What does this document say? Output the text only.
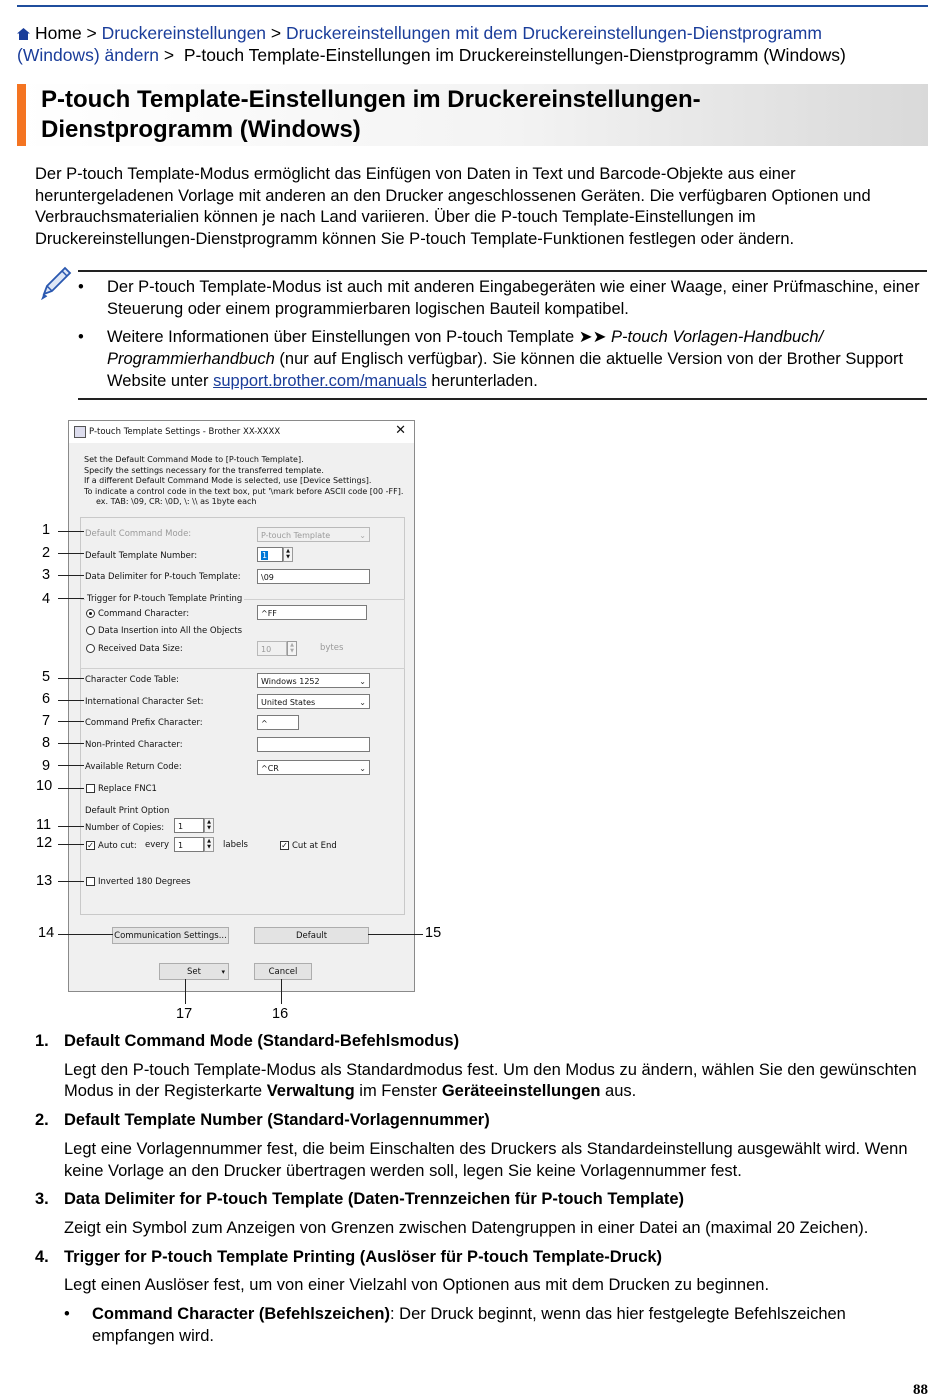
Home > Druckereinstellungen > Druckereinstellungen mit dem Druckereinstellungen-Dienstprogramm
(Windows) ändern >  P-touch Template-Einstellungen im Druckereinstellungen-Dienstprogramm (Windows)
P-touch Template-Einstellungen im Druckereinstellungen-
Dienstprogramm (Windows)
Der P-touch Template-Modus ermöglicht das Einfügen von Daten in Text und Barcode-Objekte aus einer heruntergeladenen Vorlage mit anderen an den Drucker angeschlossenen Geräten. Die verfügbaren Optionen und Verbrauchsmaterialien können je nach Land variieren. Über die P-touch Template-Einstellungen im Druckereinstellungen-Dienstprogramm können Sie P-touch Template-Funktionen festlegen oder ändern.
• Der P-touch Template-Modus ist auch mit anderen Eingabegeräten wie einer Waage, einer Prüfmaschine, einer Steuerung oder einem programmierbaren logischen Bauteil kompatibel.
• Weitere Informationen über Einstellungen von P-touch Template ➤➤ P-touch Vorlagen-Handbuch/ Programmierhandbuch (nur auf Englisch verfügbar). Sie können die aktuelle Version von der Brother Support Website unter support.brother.com/manuals herunterladen.
P-touch Template Settings - Brother XX-XXXX	✕
Set the Default Command Mode to [P-touch Template].
Specify the settings necessary for the transferred template.
If a different Default Command Mode is selected, use [Device Settings].
To indicate a control code in the text box, put '\mark before ASCII code [00 -FF].
ex. TAB: \09, CR: \0D, \: \\ as 1byte each
Default Command Mode:	P-touch Template	⌄
Default Template Number:	1	▲
▼
Data Delimiter for P-touch Template:	\09
Trigger for P-touch Template Printing
Command Character:	^FF
Data Insertion into All the Objects
Received Data Size:	10	▲
▼	bytes
Character Code Table:	Windows 1252	⌄
International Character Set:	United States	⌄
Command Prefix Character:	^
Non-Printed Character:
Available Return Code:	^CR	⌄
Replace FNC1
Default Print Option
Number of Copies:	1	▲
▼
✓ Auto cut: every	1	▲
▼	labels	✓ Cut at End
Inverted 180 Degrees
Communication Settings...	Default
Set	▾	Cancel
1
2
3
4
5
6
7
8
9
10
11
12
13
14	15
16
17
1. Default Command Mode (Standard-Befehlsmodus)
Legt den P-touch Template-Modus als Standardmodus fest. Um den Modus zu ändern, wählen Sie den gewünschten Modus in der Registerkarte Verwaltung im Fenster Geräteeinstellungen aus.
2. Default Template Number (Standard-Vorlagennummer)
Legt eine Vorlagennummer fest, die beim Einschalten des Druckers als Standardeinstellung ausgewählt wird. Wenn keine Vorlage an den Drucker übertragen werden soll, legen Sie keine Vorlagennummer fest.
3. Data Delimiter for P-touch Template (Daten-Trennzeichen für P-touch Template)
Zeigt ein Symbol zum Anzeigen von Grenzen zwischen Datengruppen in einer Datei an (maximal 20 Zeichen).
4. Trigger for P-touch Template Printing (Auslöser für P-touch Template-Druck)
Legt einen Auslöser fest, um von einer Vielzahl von Optionen aus mit dem Drucken zu beginnen.
• Command Character (Befehlszeichen): Der Druck beginnt, wenn das hier festgelegte Befehlszeichen empfangen wird.
88
